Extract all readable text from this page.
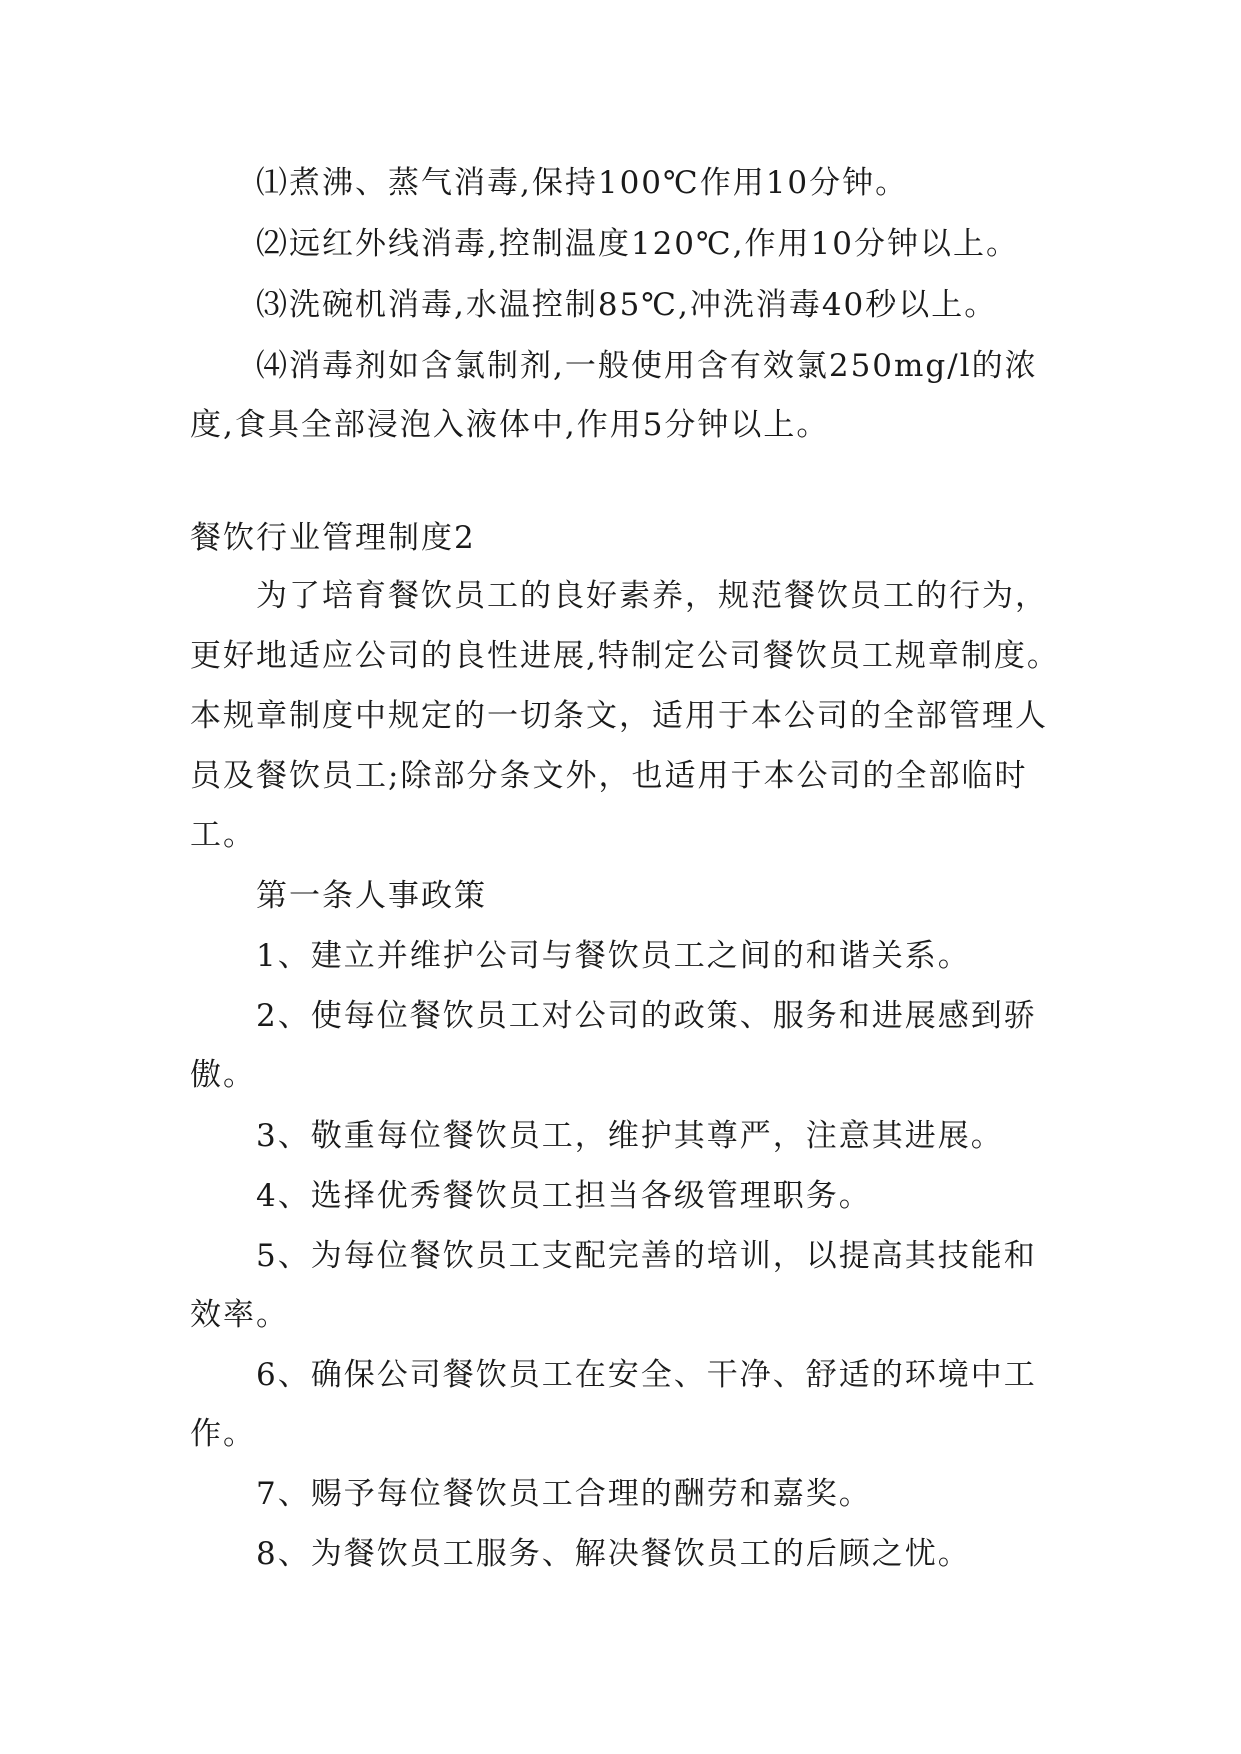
⑴煮沸、蒸气消毒,保持100℃作用10分钟。
⑵远红外线消毒,控制温度120℃,作用10分钟以上。
⑶洗碗机消毒,水温控制85℃,冲洗消毒40秒以上。
⑷消毒剂如含氯制剂,一般使用含有效氯250mg/l的浓
度,食具全部浸泡入液体中,作用5分钟以上。
餐饮行业管理制度2
为了培育餐饮员工的良好素养，规范餐饮员工的行为，
更好地适应公司的良性进展,特制定公司餐饮员工规章制度。
本规章制度中规定的一切条文，适用于本公司的全部管理人
员及餐饮员工;除部分条文外，也适用于本公司的全部临时
工。
第一条人事政策
1、建立并维护公司与餐饮员工之间的和谐关系。
2、使每位餐饮员工对公司的政策、服务和进展感到骄
傲。
3、敬重每位餐饮员工，维护其尊严，注意其进展。
4、选择优秀餐饮员工担当各级管理职务。
5、为每位餐饮员工支配完善的培训，以提高其技能和
效率。
6、确保公司餐饮员工在安全、干净、舒适的环境中工
作。
7、赐予每位餐饮员工合理的酬劳和嘉奖。
8、为餐饮员工服务、解决餐饮员工的后顾之忧。
